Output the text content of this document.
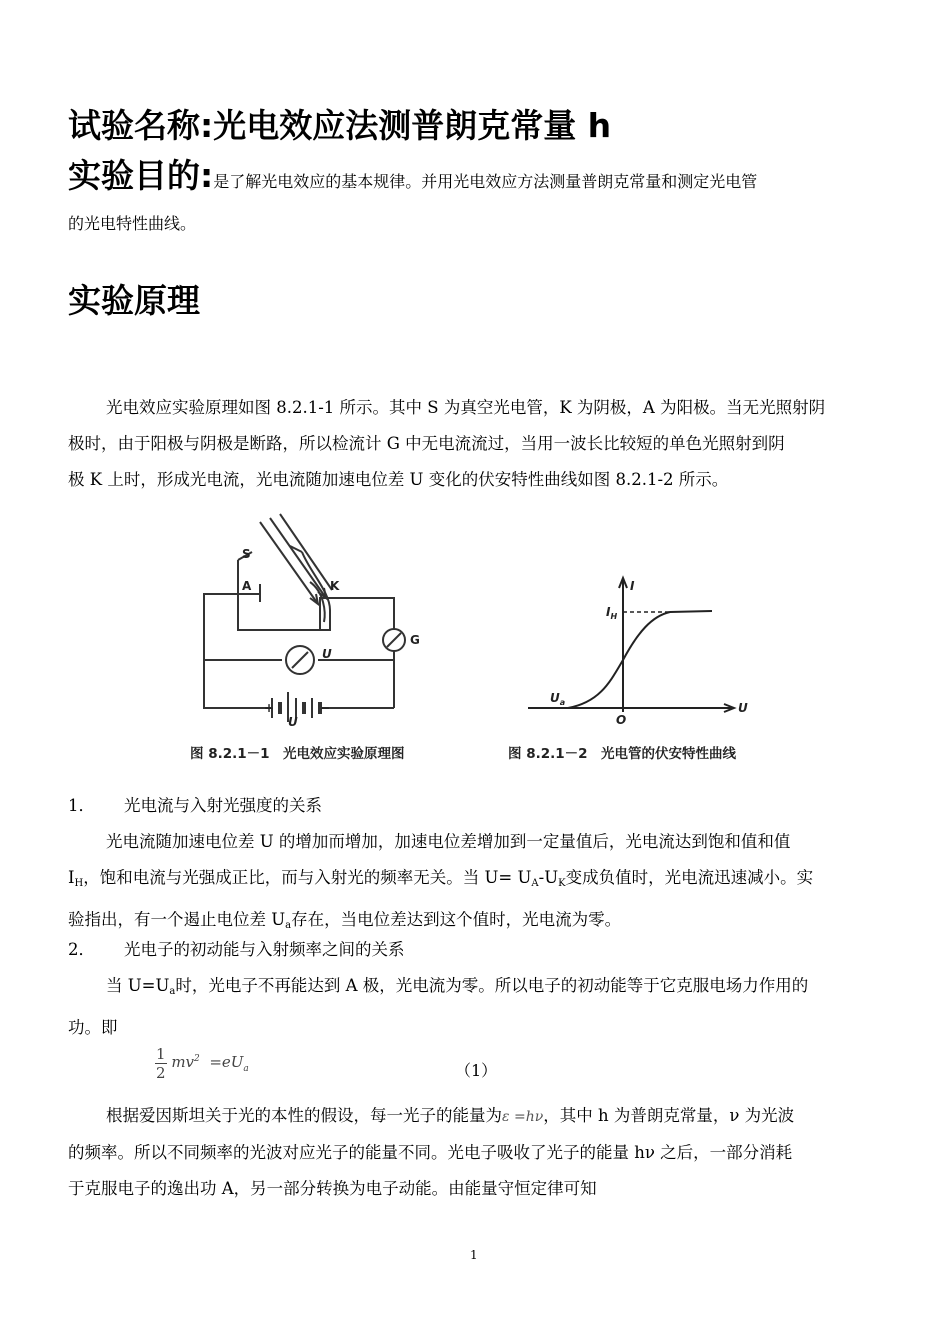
试验名称:光电效应法测普朗克常量 h
实验目的:是了解光电效应的基本规律。并用光电效应方法测量普朗克常量和测定光电管
的光电特性曲线。
实验原理
光电效应实验原理如图 8.2.1-1 所示。其中 S 为真空光电管，K 为阴极，A 为阳极。当无光照射阴
极时，由于阳极与阴极是断路，所以检流计 G 中无电流流过，当用一波长比较短的单色光照射到阴
极 K 上时，形成光电流，光电流随加速电位差 U 变化的伏安特性曲线如图 8.2.1-2 所示。
S
A	K
G
U
+	−
U
图 8.2.1－1　光电效应实验原理图
I
U
O
$I_H$
$U_a$
图 8.2.1－2　光电管的伏安特性曲线
1． 光电流与入射光强度的关系
光电流随加速电位差 U 的增加而增加，加速电位差增加到一定量值后，光电流达到饱和值和值
$I_H$，饱和电流与光强成正比，而与入射光的频率无关。当 $U= U_A-U_K$变成负值时，光电流迅速减小。实
验指出，有一个遏止电位差 $U_a$存在，当电位差达到这个值时，光电流为零。
2． 光电子的初动能与入射频率之间的关系
当 $U=U_a$时，光电子不再能达到 A 极，光电流为零。所以电子的初动能等于它克服电场力作用的
功。即
$\frac{1}{2} mv^2 =eU_a$	（1）
根据爱因斯坦关于光的本性的假设，每一光子的能量为ε =hν，其中 h 为普朗克常量，ν 为光波
的频率。所以不同频率的光波对应光子的能量不同。光电子吸收了光子的能量 hν 之后，一部分消耗
于克服电子的逸出功 A，另一部分转换为电子动能。由能量守恒定律可知
1
